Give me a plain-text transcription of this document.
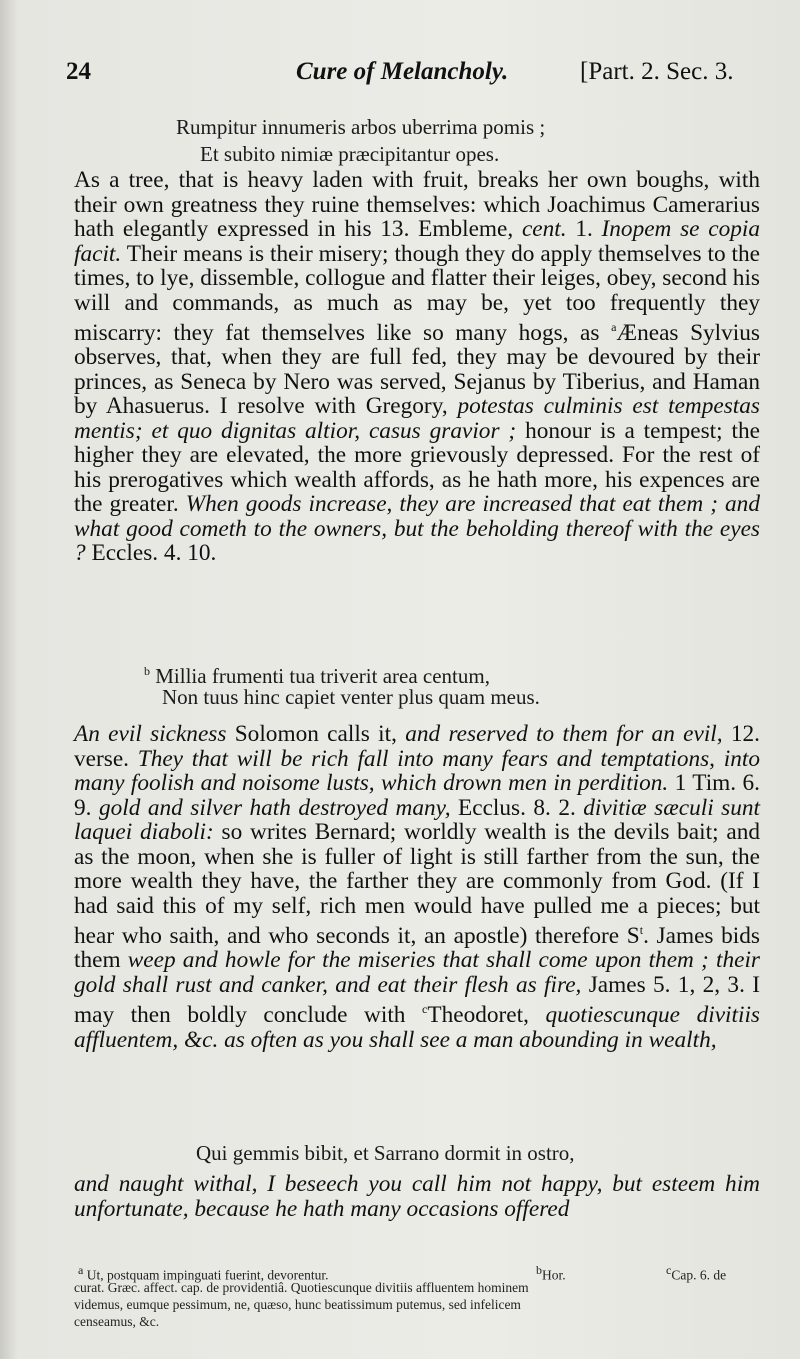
24	Cure of Melancholy.	[Part. 2. Sec. 3.
Rumpitur innumeris arbos uberrima pomis ;
Et subito nimiæ præcipitantur opes.
As a tree, that is heavy laden with fruit, breaks her own boughs, with their own greatness they ruine themselves: which Joachimus Camerarius hath elegantly expressed in his 13. Embleme, cent. 1. Inopem se copia facit. Their means is their misery; though they do apply themselves to the times, to lye, dissemble, collogue and flatter their leiges, obey, second his will and commands, as much as may be, yet too frequently they miscarry: they fat themselves like so many hogs, as $^a$Æneas Sylvius observes, that, when they are full fed, they may be devoured by their princes, as Seneca by Nero was served, Sejanus by Tiberius, and Haman by Ahasuerus. I resolve with Gregory, potestas culminis est tempestas mentis; et quo dignitas altior, casus gravior ; honour is a tempest; the higher they are elevated, the more grievously depressed. For the rest of his prerogatives which wealth affords, as he hath more, his expences are the greater. When goods increase, they are increased that eat them ; and what good cometh to the owners, but the beholding thereof with the eyes ? Eccles. 4. 10.
$^b$ Millia frumenti tua triverit area centum,
Non tuus hinc capiet venter plus quam meus.
An evil sickness Solomon calls it, and reserved to them for an evil, 12. verse. They that will be rich fall into many fears and temptations, into many foolish and noisome lusts, which drown men in perdition. 1 Tim. 6. 9. gold and silver hath destroyed many, Ecclus. 8. 2. divitiæ sæculi sunt laquei diaboli: so writes Bernard; worldly wealth is the devils bait; and as the moon, when she is fuller of light is still farther from the sun, the more wealth they have, the farther they are commonly from God. (If I had said this of my self, rich men would have pulled me a pieces; but hear who saith, and who seconds it, an apostle) therefore S$^t$. James bids them weep and howle for the miseries that shall come upon them ; their gold shall rust and canker, and eat their flesh as fire, James 5. 1, 2, 3. I may then boldly conclude with $^c$Theodoret, quotiescunque divitiis affluentem, &c. as often as you shall see a man abounding in wealth,
Qui gemmis bibit, et Sarrano dormit in ostro,
and naught withal, I beseech you call him not happy, but esteem him unfortunate, because he hath many occasions offered
a Ut, postquam impinguati fuerint, devorentur.	bHor.	cCap. 6. de
curat. Græc. affect. cap. de providentiâ. Quotiescunque divitiis affluentem hominem
videmus, eumque pessimum, ne, quæso, hunc beatissimum putemus, sed infelicem
censeamus, &c.
